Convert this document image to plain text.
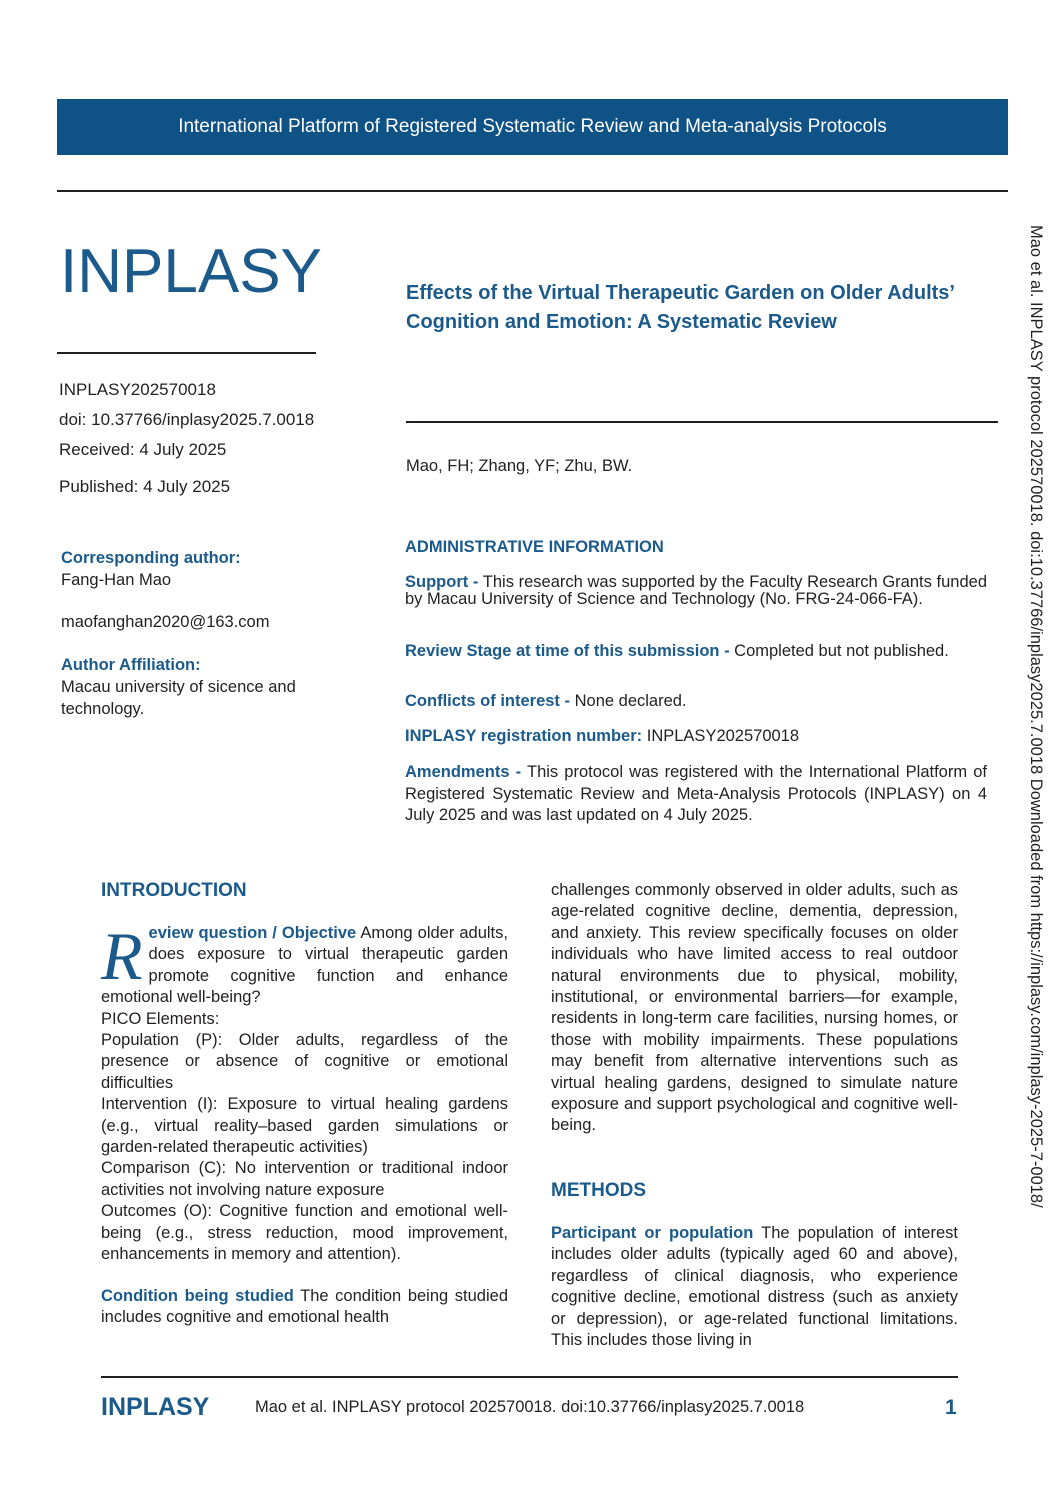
International Platform of Registered Systematic Review and Meta-analysis Protocols
INPLASY
INPLASY202570018
doi: 10.37766/inplasy2025.7.0018
Received: 4 July 2025
Published: 4 July 2025
Effects of the Virtual Therapeutic Garden on Older Adults’ Cognition and Emotion: A Systematic Review
Mao, FH; Zhang, YF; Zhu, BW.
Corresponding author:
Fang-Han Mao
maofanghan2020@163.com
Author Affiliation:
Macau university of sicence and technology.
ADMINISTRATIVE INFORMATION
Support - This research was supported by the Faculty Research Grants funded by Macau University of Science and Technology (No. FRG-24-066-FA).
Review Stage at time of this submission - Completed but not published.
Conflicts of interest - None declared.
INPLASY registration number: INPLASY202570018
Amendments - This protocol was registered with the International Platform of Registered Systematic Review and Meta-Analysis Protocols (INPLASY) on 4 July 2025 and was last updated on 4 July 2025.
INTRODUCTION

R eview question / Objective Among older adults, does exposure to virtual therapeutic garden promote cognitive function and enhance emotional well-being?

PICO Elements:

Population (P): Older adults, regardless of the presence or absence of cognitive or emotional difficulties

Intervention (I): Exposure to virtual healing gardens (e.g., virtual reality–based garden simulations or garden-related therapeutic activities)

Comparison (C): No intervention or traditional indoor activities not involving nature exposure

Outcomes (O): Cognitive function and emotional well-being (e.g., stress reduction, mood improvement, enhancements in memory and attention).

Condition being studied The condition being studied includes cognitive and emotional health

challenges commonly observed in older adults, such as age-related cognitive decline, dementia, depression, and anxiety. This review specifically focuses on older individuals who have limited access to real outdoor natural environments due to physical, mobility, institutional, or environmental barriers—for example, residents in long-term care facilities, nursing homes, or those with mobility impairments. These populations may benefit from alternative interventions such as virtual healing gardens, designed to simulate nature exposure and support psychological and cognitive well-being.

METHODS

Participant or population The population of interest includes older adults (typically aged 60 and above), regardless of clinical diagnosis, who experience cognitive decline, emotional distress (such as anxiety or depression), or age-related functional limitations. This includes those living in

Mao et al. INPLASY protocol 202570018. doi:10.37766/inplasy2025.7.0018 Downloaded from https://inplasy.com/inplasy-2025-7-0018/
INPLASY	Mao et al. INPLASY protocol 202570018. doi:10.37766/inplasy2025.7.0018	1
